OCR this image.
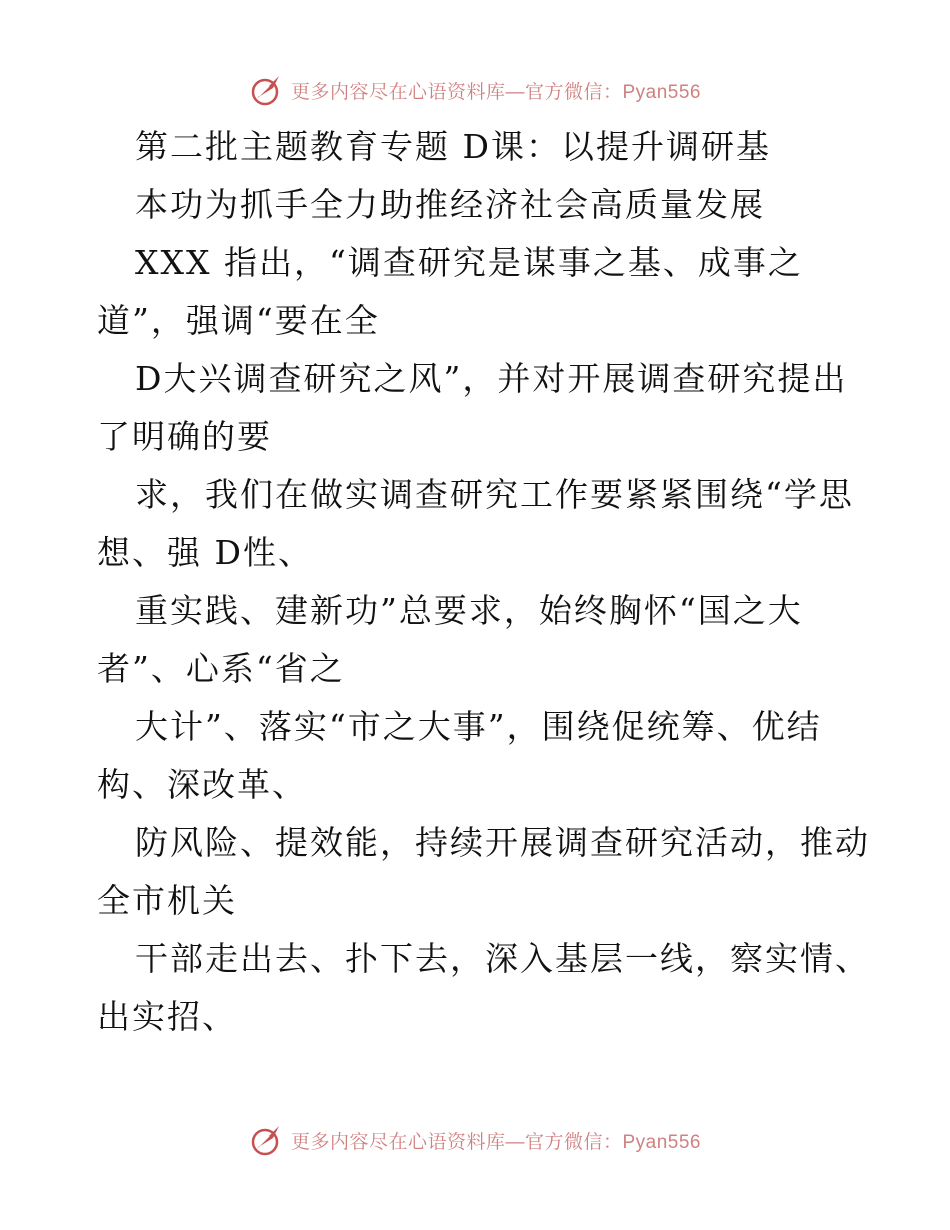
更多内容尽在心语资料库—官方微信：Pyan556
第二批主题教育专题 D课：以提升调研基
本功为抓手全力助推经济社会高质量发展
XXX 指出，“调查研究是谋事之基、成事之
道”，强调“要在全
D大兴调查研究之风”，并对开展调查研究提出
了明确的要
求，我们在做实调查研究工作要紧紧围绕“学思
想、强 D性、
重实践、建新功”总要求，始终胸怀“国之大
者”、心系“省之
大计”、落实“市之大事”，围绕促统筹、优结
构、深改革、
防风险、提效能，持续开展调查研究活动，推动
全市机关
干部走出去、扑下去，深入基层一线，察实情、
出实招、
更多内容尽在心语资料库—官方微信：Pyan556
